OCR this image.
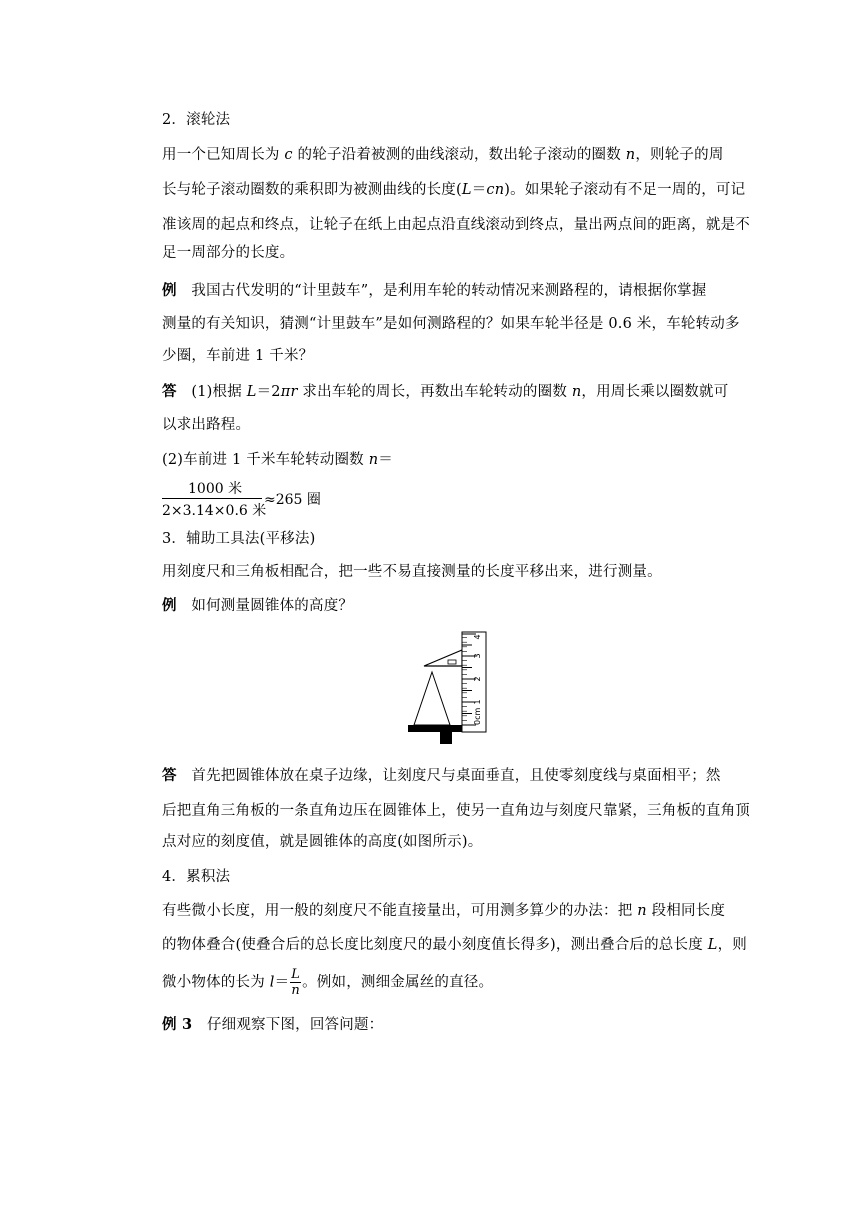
2．滚轮法
用一个已知周长为 c 的轮子沿着被测的曲线滚动，数出轮子滚动的圈数 n，则轮子的周
长与轮子滚动圈数的乘积即为被测曲线的长度(L＝cn)。如果轮子滚动有不足一周的，可记
准该周的起点和终点，让轮子在纸上由起点沿直线滚动到终点，量出两点间的距离，就是不
足一周部分的长度。
例　我国古代发明的“计里鼓车”，是利用车轮的转动情况来测路程的，请根据你掌握
测量的有关知识，猜测“计里鼓车”是如何测路程的？如果车轮半径是 0.6 米，车轮转动多
少圈，车前进 1 千米？
答　(1)根据 L＝2πr 求出车轮的周长，再数出车轮转动的圈数 n，用周长乘以圈数就可
以求出路程。
(2)车前进 1 千米车轮转动圈数 n＝
1000 米
2×3.14×0.6 米
≈265 圈
3．辅助工具法(平移法)
用刻度尺和三角板相配合，把一些不易直接测量的长度平移出来，进行测量。
例　如何测量圆锥体的高度？
0cm
1
2
3
4
答　首先把圆锥体放在桌子边缘，让刻度尺与桌面垂直，且使零刻度线与桌面相平；然
后把直角三角板的一条直角边压在圆锥体上，使另一直角边与刻度尺靠紧，三角板的直角顶
点对应的刻度值，就是圆锥体的高度(如图所示)。
4．累积法
有些微小长度，用一般的刻度尺不能直接量出，可用测多算少的办法：把 n 段相同长度
的物体叠合(使叠合后的总长度比刻度尺的最小刻度值长得多)，测出叠合后的总长度 L，则
微小物体的长为 $l= \frac{L}{n}$ 。例如，测细金属丝的直径。
例 3　仔细观察下图，回答问题：
